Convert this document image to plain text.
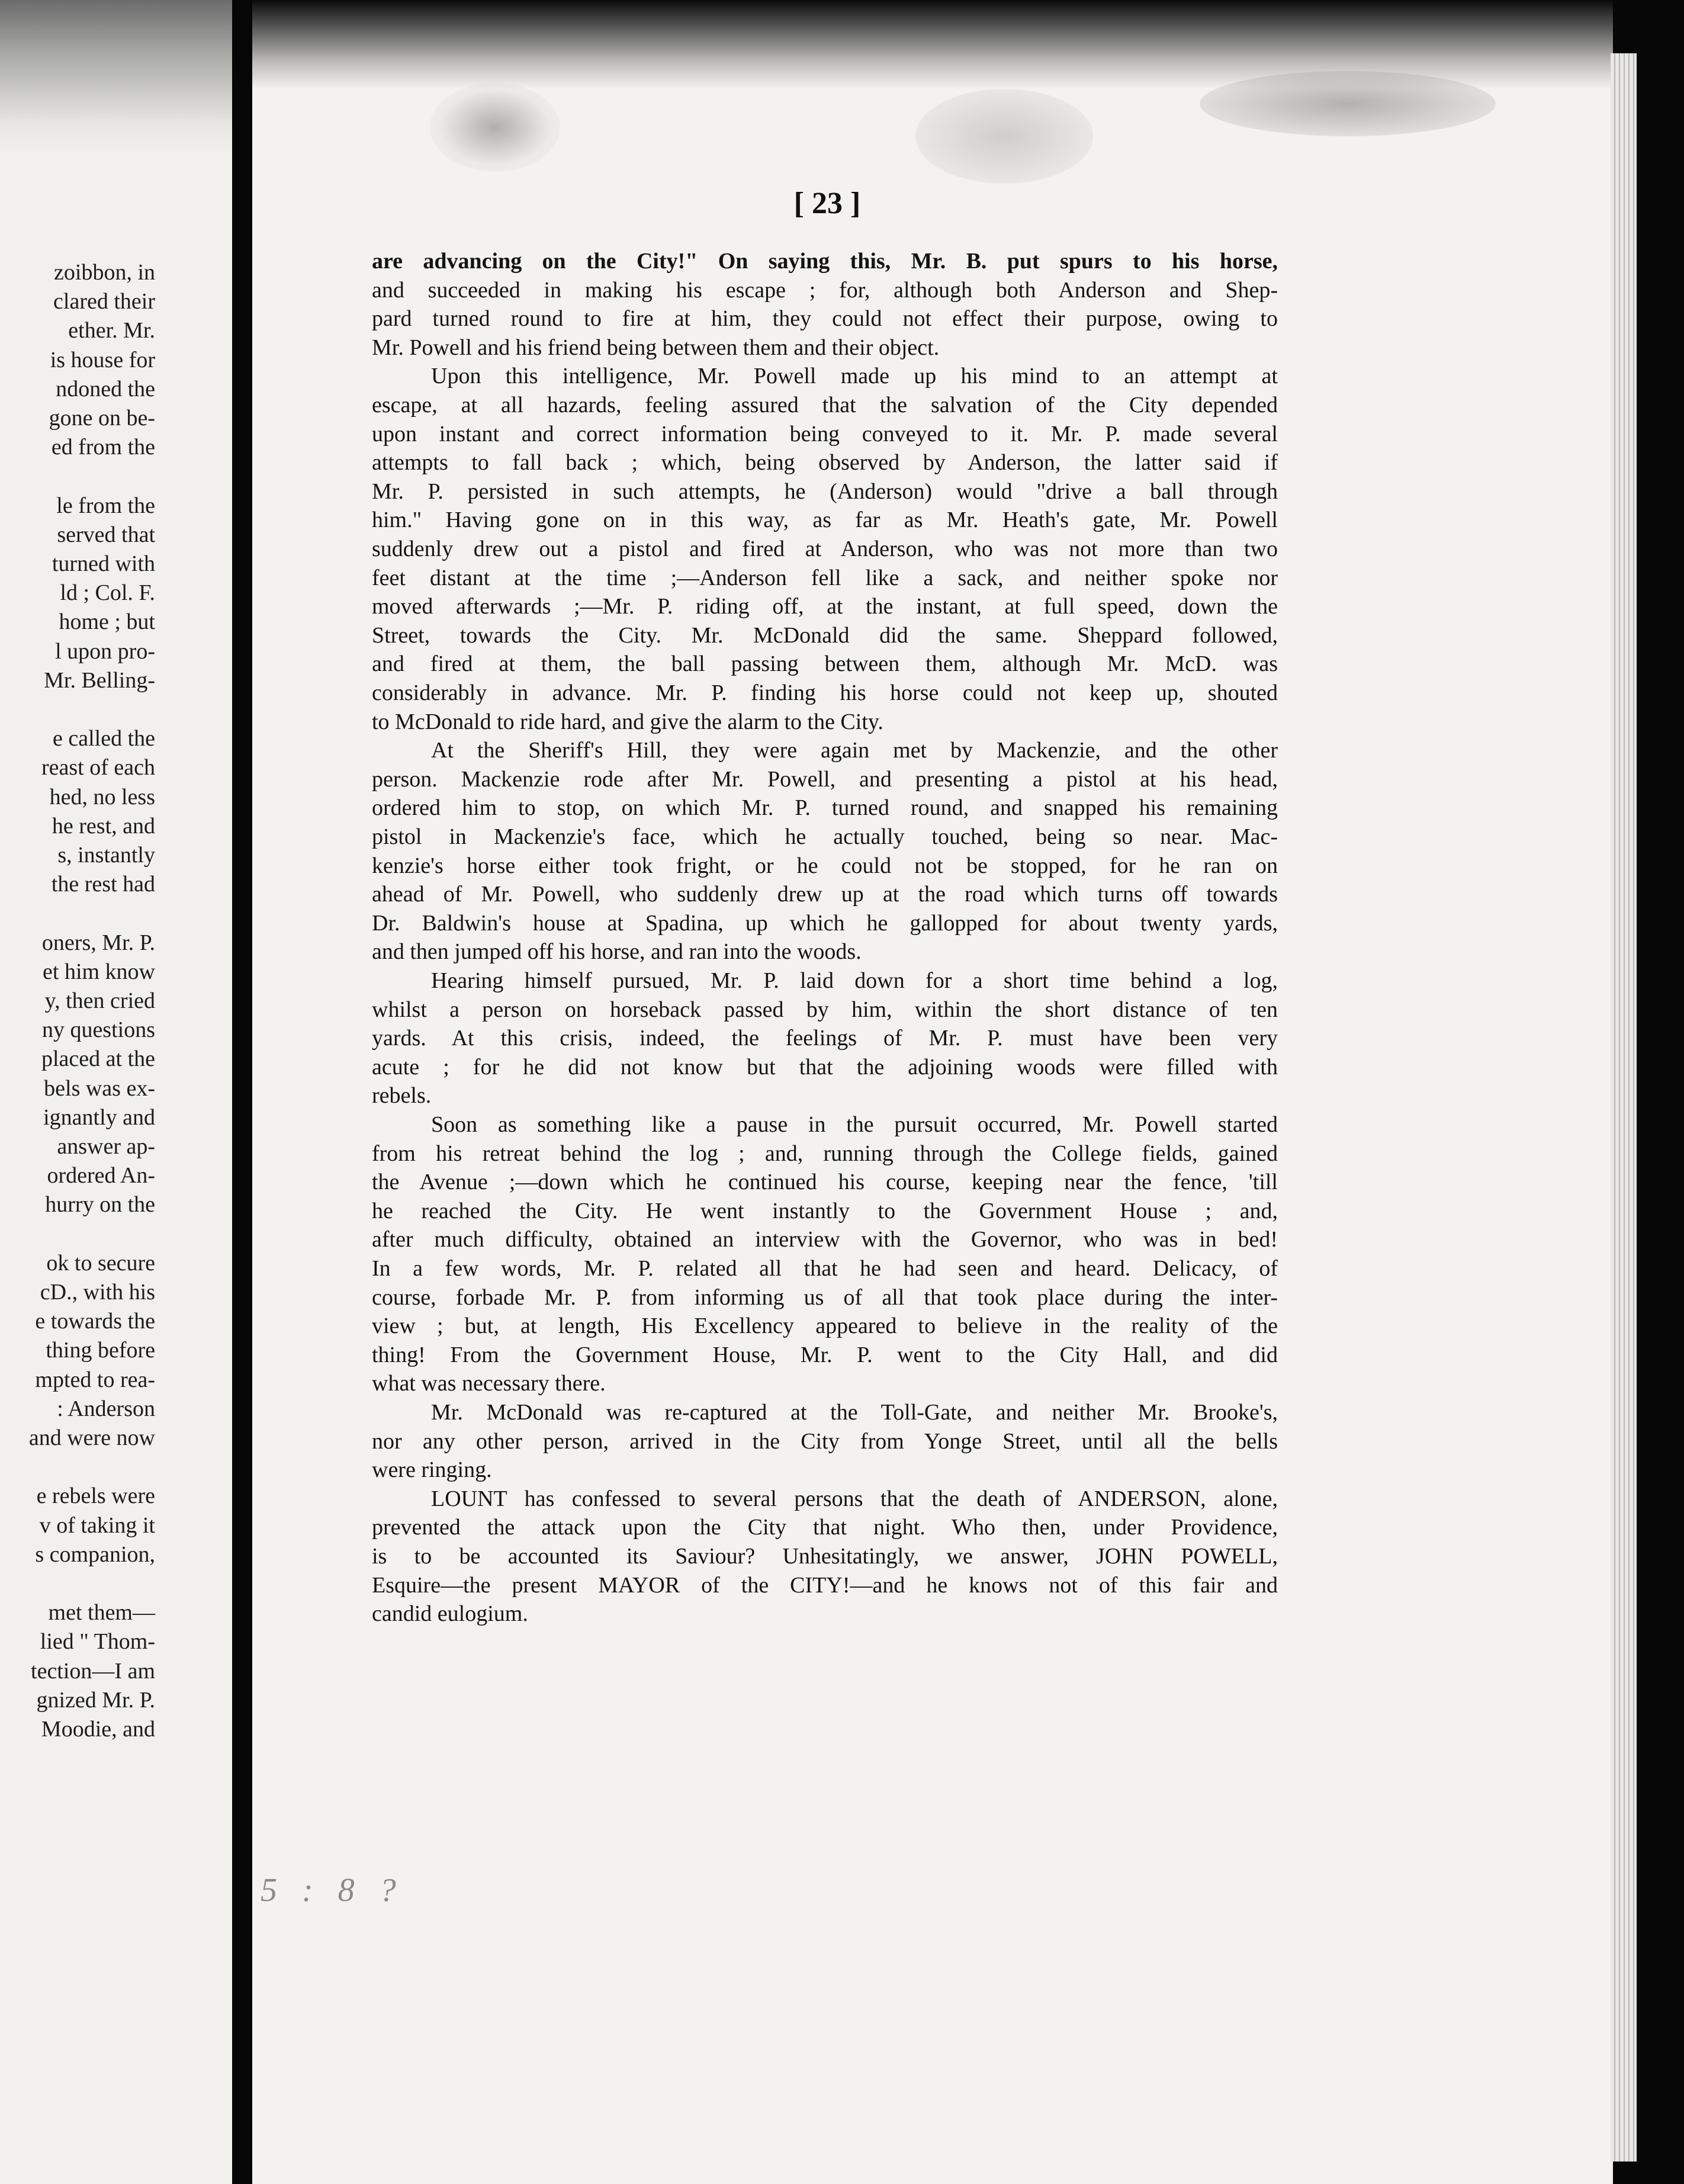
zoibbon, in
clared their
ether. Mr.
is house for
ndoned the
gone on be-
ed from the
le from the
served that
turned with
ld ; Col. F.
home ; but
l upon pro-
Mr. Belling-
e called the
reast of each
hed, no less
he rest, and
s, instantly
the rest had
oners, Mr. P.
et him know
y, then cried
ny questions
placed at the
bels was ex-
ignantly and
answer ap-
ordered An-
hurry on the
ok to secure
cD., with his
e towards the
thing before
mpted to rea-
: Anderson
and were now
e rebels were
v of taking it
s companion,
met them—
lied " Thom-
tection—I am
gnized Mr. P.
Moodie, and
[ 23 ]
are advancing on the City!" On saying this, Mr. B. put spurs to his horse,
and succeeded in making his escape ; for, although both Anderson and Shep-
pard turned round to fire at him, they could not effect their purpose, owing to
Mr. Powell and his friend being between them and their object.
Upon this intelligence, Mr. Powell made up his mind to an attempt at
escape, at all hazards, feeling assured that the salvation of the City depended
upon instant and correct information being conveyed to it. Mr. P. made several
attempts to fall back ; which, being observed by Anderson, the latter said if
Mr. P. persisted in such attempts, he (Anderson) would "drive a ball through
him." Having gone on in this way, as far as Mr. Heath's gate, Mr. Powell
suddenly drew out a pistol and fired at Anderson, who was not more than two
feet distant at the time ;—Anderson fell like a sack, and neither spoke nor
moved afterwards ;—Mr. P. riding off, at the instant, at full speed, down the
Street, towards the City. Mr. McDonald did the same. Sheppard followed,
and fired at them, the ball passing between them, although Mr. McD. was
considerably in advance. Mr. P. finding his horse could not keep up, shouted
to McDonald to ride hard, and give the alarm to the City.
At the Sheriff's Hill, they were again met by Mackenzie, and the other
person. Mackenzie rode after Mr. Powell, and presenting a pistol at his head,
ordered him to stop, on which Mr. P. turned round, and snapped his remaining
pistol in Mackenzie's face, which he actually touched, being so near. Mac-
kenzie's horse either took fright, or he could not be stopped, for he ran on
ahead of Mr. Powell, who suddenly drew up at the road which turns off towards
Dr. Baldwin's house at Spadina, up which he gallopped for about twenty yards,
and then jumped off his horse, and ran into the woods.
Hearing himself pursued, Mr. P. laid down for a short time behind a log,
whilst a person on horseback passed by him, within the short distance of ten
yards. At this crisis, indeed, the feelings of Mr. P. must have been very
acute ; for he did not know but that the adjoining woods were filled with
rebels.
Soon as something like a pause in the pursuit occurred, Mr. Powell started
from his retreat behind the log ; and, running through the College fields, gained
the Avenue ;—down which he continued his course, keeping near the fence, 'till
he reached the City. He went instantly to the Government House ; and,
after much difficulty, obtained an interview with the Governor, who was in bed!
In a few words, Mr. P. related all that he had seen and heard. Delicacy, of
course, forbade Mr. P. from informing us of all that took place during the inter-
view ; but, at length, His Excellency appeared to believe in the reality of the
thing! From the Government House, Mr. P. went to the City Hall, and did
what was necessary there.
Mr. McDonald was re-captured at the Toll-Gate, and neither Mr. Brooke's,
nor any other person, arrived in the City from Yonge Street, until all the bells
were ringing.
LOUNT has confessed to several persons that the death of ANDERSON, alone,
prevented the attack upon the City that night. Who then, under Providence,
is to be accounted its Saviour? Unhesitatingly, we answer, JOHN POWELL,
Esquire—the present MAYOR of the CITY!—and he knows not of this fair and
candid eulogium.
5 : 8 ?
